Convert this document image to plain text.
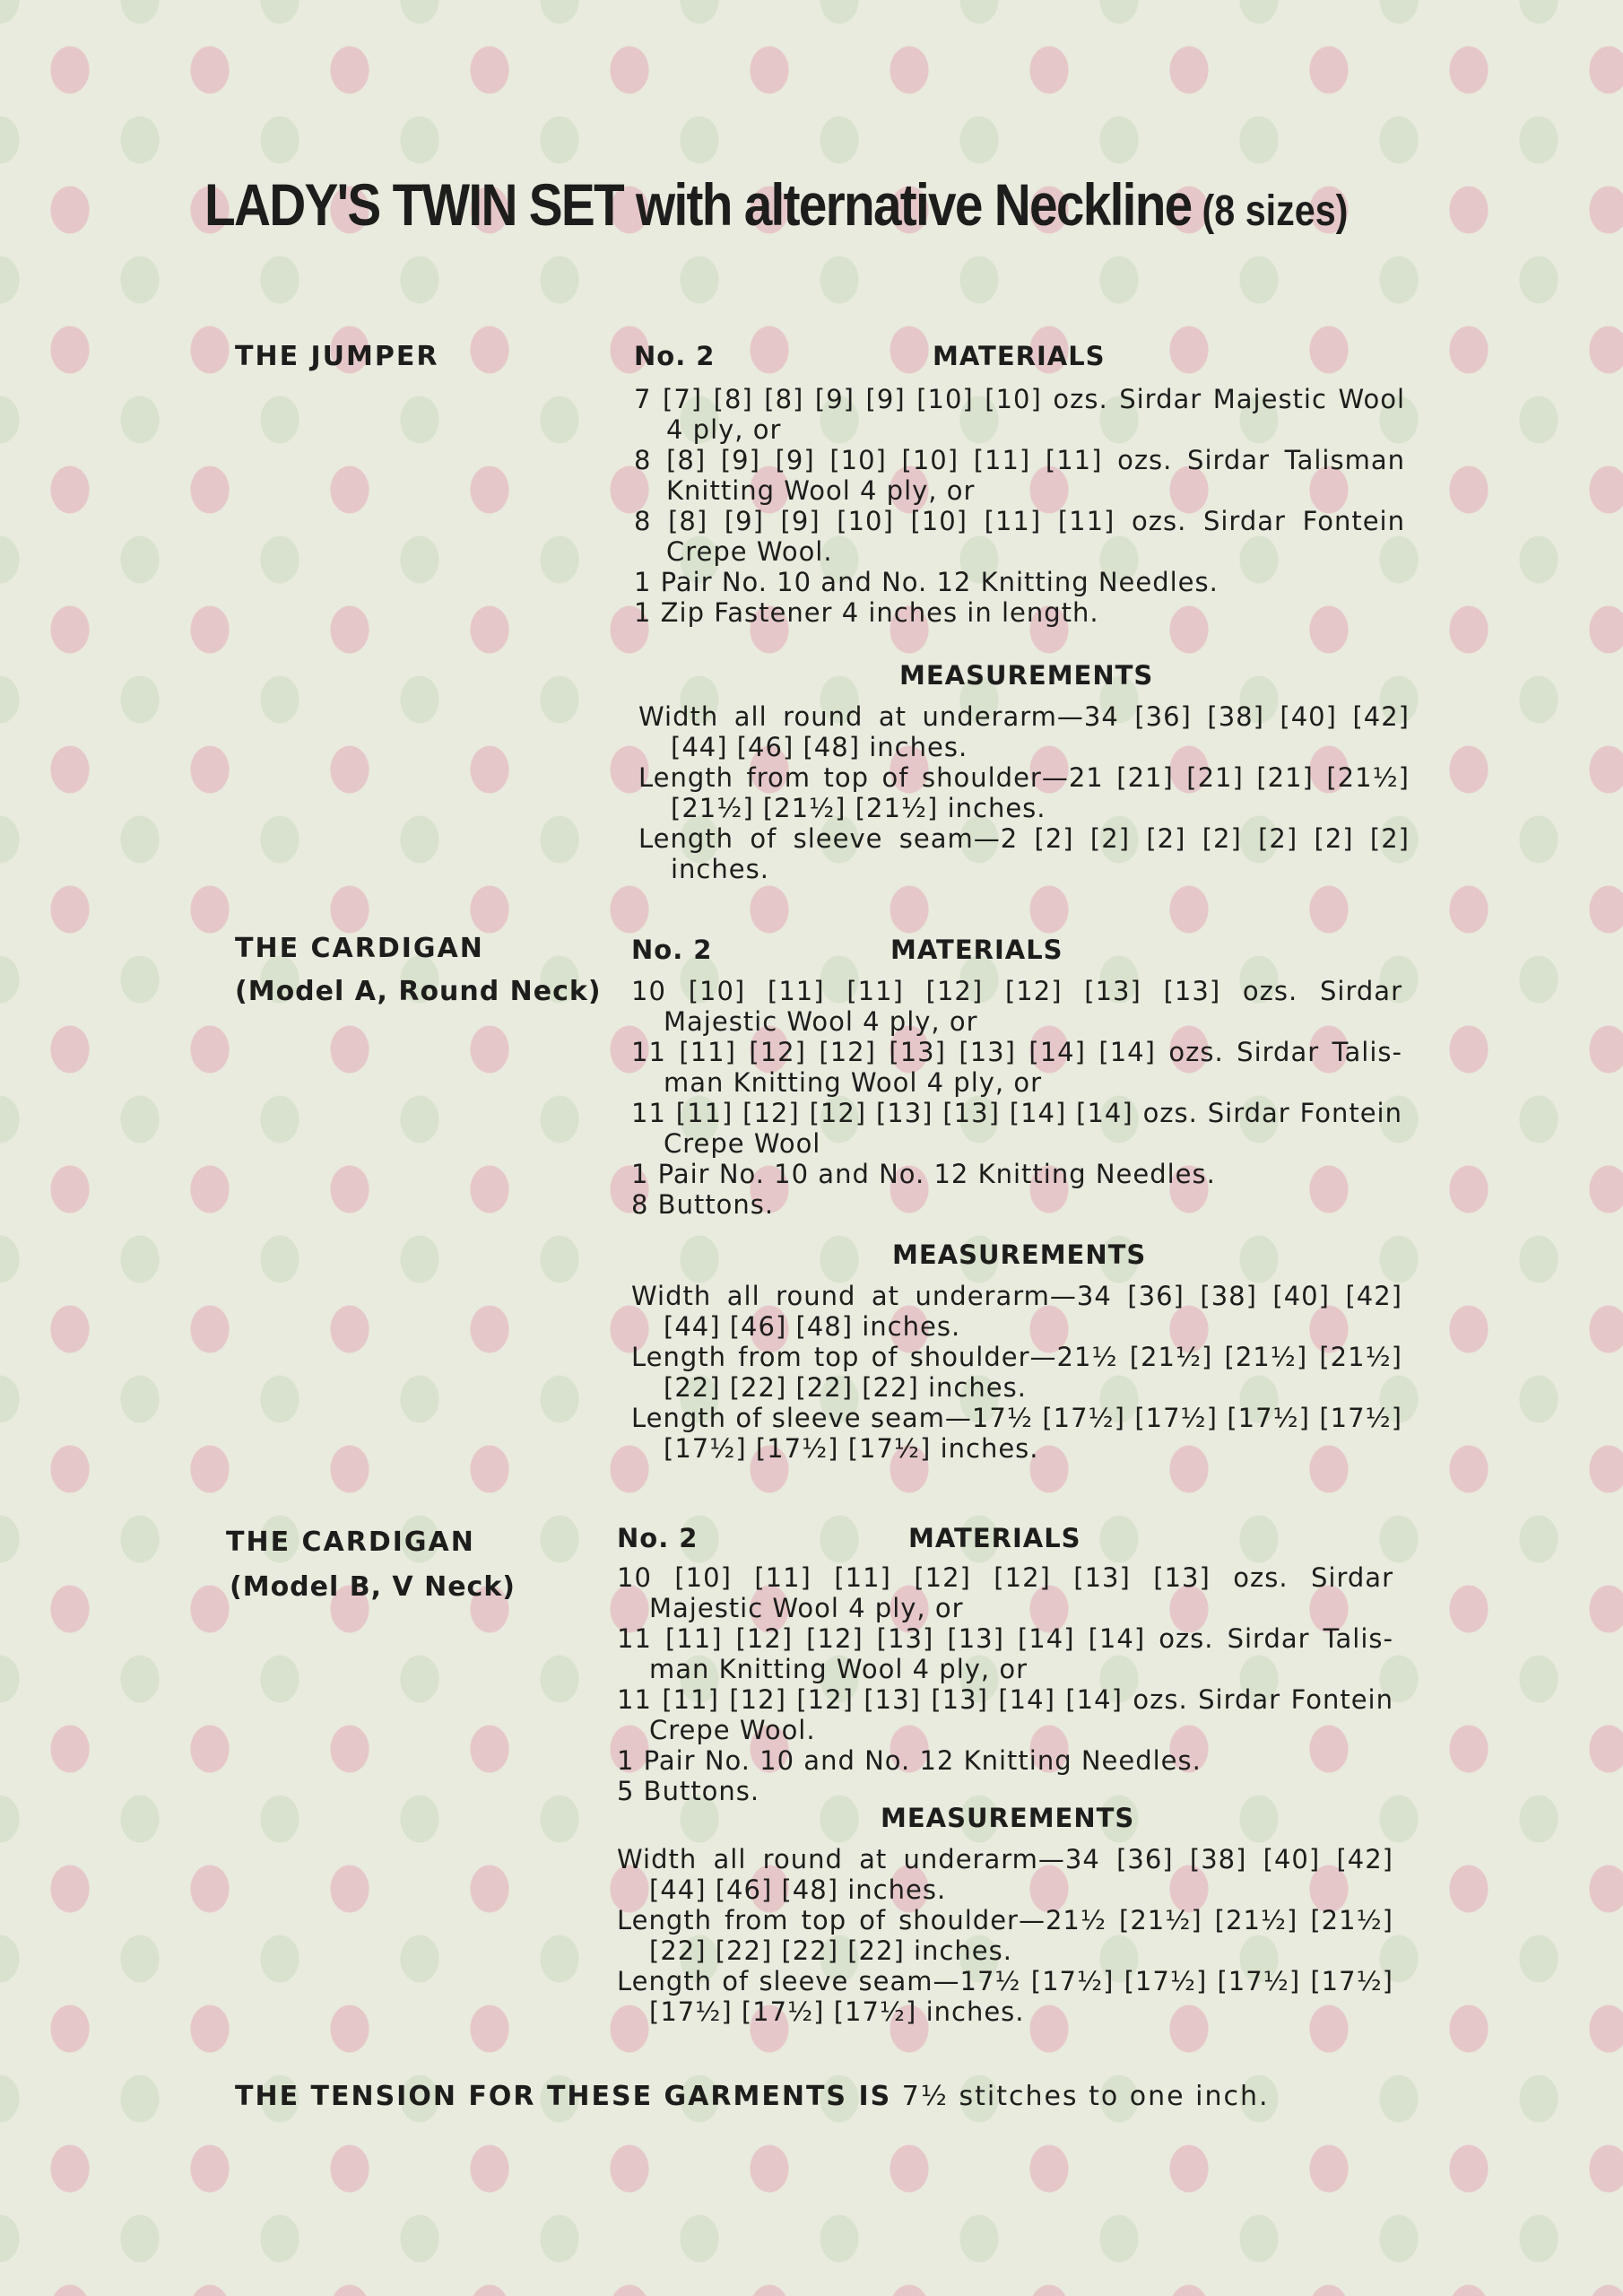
LADY'S TWIN SET with alternative Neckline (8 sizes)

THE JUMPER	No. 2	MATERIALS

7 [7] [8] [8] [9] [9] [10] [10] ozs. Sirdar Majestic Wool 4 ply, or

8 [8] [9] [9] [10] [10] [11] [11] ozs. Sirdar Talisman Knitting Wool 4 ply, or

8 [8] [9] [9] [10] [10] [11] [11] ozs. Sirdar Fontein Crepe Wool.

1 Pair No. 10 and No. 12 Knitting Needles.

1 Zip Fastener 4 inches in length.

MEASUREMENTS

Width all round at underarm—34 [36] [38] [40] [42] [44] [46] [48] inches.

Length from top of shoulder—21 [21] [21] [21] [21½] [21½] [21½] [21½] inches.

Length of sleeve seam—2 [2] [2] [2] [2] [2] [2] [2] inches.

THE CARDIGAN

(Model A, Round Neck)

No. 2	MATERIALS

10 [10] [11] [11] [12] [12] [13] [13] ozs. Sirdar Majestic Wool 4 ply, or

11 [11] [12] [12] [13] [13] [14] [14] ozs. Sirdar Talis-man Knitting Wool 4 ply, or

11 [11] [12] [12] [13] [13] [14] [14] ozs. Sirdar Fontein Crepe Wool

1 Pair No. 10 and No. 12 Knitting Needles.

8 Buttons.

MEASUREMENTS

Width all round at underarm—34 [36] [38] [40] [42] [44] [46] [48] inches.

Length from top of shoulder—21½ [21½] [21½] [21½] [22] [22] [22] [22] inches.

Length of sleeve seam—17½ [17½] [17½] [17½] [17½] [17½] [17½] [17½] inches.

THE CARDIGAN

(Model B, V Neck)

No. 2	MATERIALS

10 [10] [11] [11] [12] [12] [13] [13] ozs. Sirdar Majestic Wool 4 ply, or

11 [11] [12] [12] [13] [13] [14] [14] ozs. Sirdar Talis-man Knitting Wool 4 ply, or

11 [11] [12] [12] [13] [13] [14] [14] ozs. Sirdar Fontein Crepe Wool.

1 Pair No. 10 and No. 12 Knitting Needles.

5 Buttons.

MEASUREMENTS

Width all round at underarm—34 [36] [38] [40] [42] [44] [46] [48] inches.

Length from top of shoulder—21½ [21½] [21½] [21½] [22] [22] [22] [22] inches.

Length of sleeve seam—17½ [17½] [17½] [17½] [17½] [17½] [17½] [17½] inches.

THE TENSION FOR THESE GARMENTS IS 7½ stitches to one inch.
